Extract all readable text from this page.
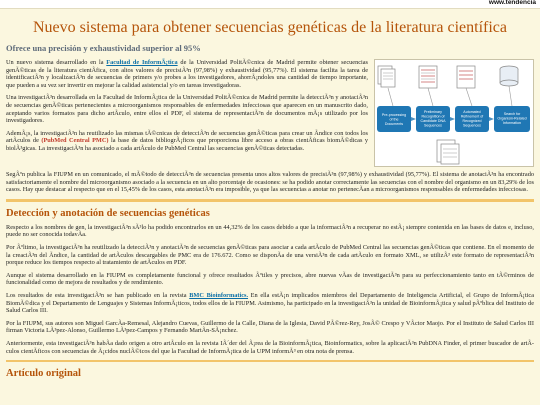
www.tendencia
Nuevo sistema para obtener secuencias genéticas de la literatura científica
Ofrece una precisión y exhaustividad superior al 95%
Pre-processing of the Documents
Preliminary Recognition of Candidate DNA Sequences
Automated Refinement of Recognized Sequences
Search for Organism-Related Information

Un nuevo sistema desarrollado en la Facultad de InformÃ¡tica de la Universidad PolitÃ©cnica de Madrid permite obtener secuencias genÃ©ticas de la literatura cientÃfica, con altos valores de precisiÃ³n (97,98%) y exhaustividad (95,77%). El sistema facilita la tarea de identificaciÃ³n y localizaciÃ³n de secuencias de primers y/o probes a los investigadores, ahorrÃ¡ndoles una cantidad de tiempo importante, que pueden a su vez ser invertir en mejorar la calidad asistencial y/o en tareas investigadoras.

Una investigaciÃ³n desarrollada en la Facultad de InformÃ¡tica de la Universidad PolitÃ©cnica de Madrid permite la detecciÃ³n y anotaciÃ³n de secuencias genÃ©ticas pertenecientes a microorganismos responsables de enfermedades infecciosas que aparecen en un manuscrito dado, aceptando varios formatos para dicho artÃculo, entre ellos el PDF, el sistema de representaciÃ³n de documentos mÃ¡s utilizado por los investigadores.

AdemÃ¡s, la investigaciÃ³n ha reutilizado las mismas tÃ©cnicas de detecciÃ³n de secuencias genÃ©ticas para crear un Ãndice con todos los artÃculos de (PubMed Central PMC) la base de datos bibliogrÃ¡ficos que proporciona libre acceso a obras cientÃficas biomÃ©dicas y biolÃ³gicas. La investigaciÃ³n ha asociado a cada artÃculo de PubMed Central las secuencias genÃ©ticas detectadas.

SegÃºn publica la FIUPM en un comunicado, el mÃ©todo de detecciÃ³n de secuencias presenta unos altos valores de precisiÃ³n (97,98%) y exhaustividad (95,77%). El sistema de anotaciÃ³n ha encontrado satisfactoriamente el nombre del microorganismo asociado a la secuencia en un alto porcentaje de ocasiones: se ha podido anotar correctamente las secuencias con el nombre del organismo en un 83,29% de los casos. Hay que destacar al respecto que en el 15,45% de los casos, esta anotaciÃ³n era imposible, ya que las secuencias a anotar no pertenecÃan a microorganismos responsables de enfermedades infecciosas.

Detección y anotación de secuencias genéticas

Respecto a los nombres de gen, la investigaciÃ³n sÃ³lo ha podido encontrarlos en un 44,32% de los casos debido a que la informaciÃ³n a recuperar no estÃ¡ siempre contenida en las bases de datos e, incluso, puede no ser conocida todavÃa.

Por Ãºltimo, la investigaciÃ³n ha reutilizado la detecciÃ³n y anotaciÃ³n de secuencias genÃ©ticas para asociar a cada artÃculo de PubMed Central las secuencias genÃ©ticas que contiene. En el momento de la creaciÃ³n del Ãndice, la cantidad de artÃculos descargables de PMC era de 176.672. Como se disponÃa de una versiÃ³n de cada artÃculo en formato XML, se utilizÃ³ este formato de representaciÃ³n porque reduce los tiempos respecto al tratamiento de artÃculos en PDF.

Aunque el sistema desarrollado en la FIUPM es completamente funcional y ofrece resultados Ãºtiles y precisos, abre nuevas vÃas de investigaciÃ³n para su perfeccionamiento tanto en tÃ©rminos de funcionalidad como de mejora de resultados y de rendimiento.

Los resultados de esta investigaciÃ³n se han publicado en la revista BMC Bioinformatics. En ella estÃ¡n implicados miembros del Departamento de Inteligencia Artificial, el Grupo de InformÃ¡tica BiomÃ©dica y el Departamento de Lenguajes y Sistemas InformÃ¡ticos, todos ellos de la FIUPM. Asimismo, ha participado en la investigaciÃ³n la unidad de BioinformÃ¡tica y salud pÃºblica del Instituto de Salud Carlos III.

Por la FIUPM, sus autores son Miguel GarcÃa-Remesal, Alejandro Cuevas, Guillermo de la Calle, Diana de la Iglesia, David PÃ©rez-Rey, JosÃ© Crespo y VÃctor Maojo. Por el Instituto de Salud Carlos III firman Victoria LÃ³pez-Alonso, Guillermo LÃ³pez-Campos y Fernando MartÃn-SÃ¡nchez.

Anteriormente, esta investigaciÃ³n habÃa dado origen a otro artÃculo en la revista IÃ´der del Ã¡rea de la BioinformÃ¡tica, Bioinformatics, sobre la aplicaciÃ³n PubDNA Finder, el primer buscador de artÃculos cientÃficos con secuencias de Ã¡cidos nuclÃ©icos del que la Facultad de InformÃ¡tica de la UPM informÃ³ en otra nota de prensa.

Artículo original
